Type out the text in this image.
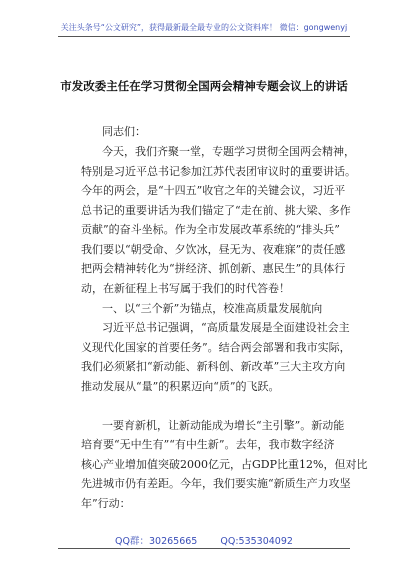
关注头条号“公文研究”，获得最新最全最专业的公文资料库！ 微信：gongwenyj
市发改委主任在学习贯彻全国两会精神专题会议上的讲话
同志们：
今天，我们齐聚一堂，专题学习贯彻全国两会精神，
特别是习近平总书记参加江苏代表团审议时的重要讲话。
今年的两会，是“十四五”收官之年的关键会议，习近平
总书记的重要讲话为我们锚定了“走在前、挑大梁、多作
贡献”的奋斗坐标。作为全市发展改革系统的“排头兵”
我们要以“朝受命、夕饮冰，昼无为、夜难寐”的责任感
把两会精神转化为“拼经济、抓创新、惠民生”的具体行
动，在新征程上书写属于我们的时代答卷！
一、以“三个新”为锚点，校准高质量发展航向
习近平总书记强调，“高质量发展是全面建设社会主
义现代化国家的首要任务”。结合两会部署和我市实际，
我们必须紧扣“新动能、新科创、新改革”三大主攻方向
推动发展从“量”的积累迈向“质”的飞跃。
一要育新机，让新动能成为增长“主引擎”。新动能
培育要“无中生有”“有中生新”。去年，我市数字经济
核心产业增加值突破2000亿元，占GDP比重12%，但对比
先进城市仍有差距。今年，我们要实施“新质生产力攻坚
年”行动：
QQ群：30265665 QQ:535304092
